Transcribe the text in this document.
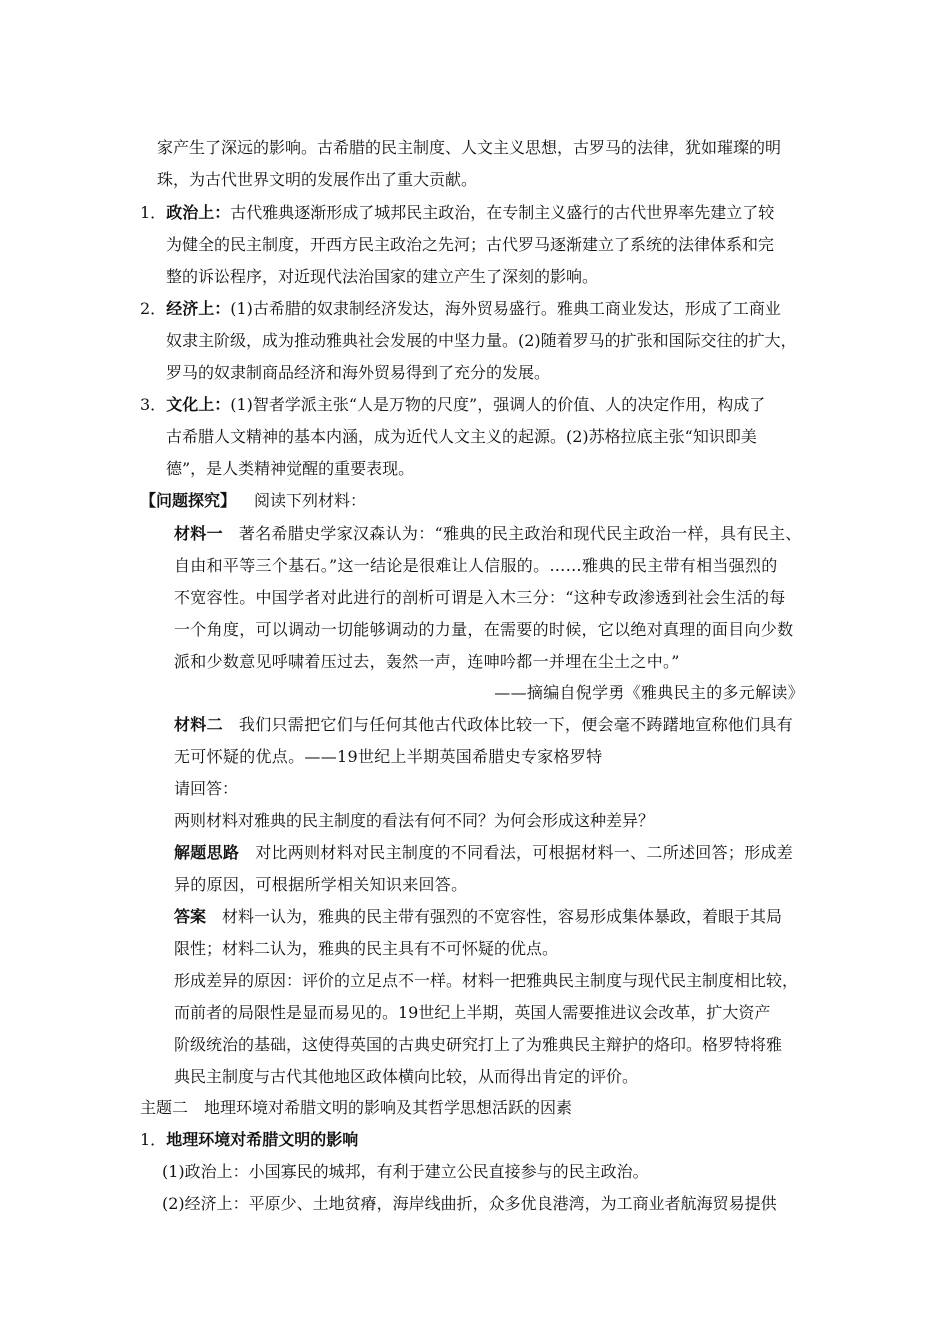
家产生了深远的影响。古希腊的民主制度、人文主义思想，古罗马的法律，犹如璀璨的明
珠，为古代世界文明的发展作出了重大贡献。
1．政治上：古代雅典逐渐形成了城邦民主政治，在专制主义盛行的古代世界率先建立了较
为健全的民主制度，开西方民主政治之先河；古代罗马逐渐建立了系统的法律体系和完
整的诉讼程序，对近现代法治国家的建立产生了深刻的影响。
2．经济上：(1)古希腊的奴隶制经济发达，海外贸易盛行。雅典工商业发达，形成了工商业
奴隶主阶级，成为推动雅典社会发展的中坚力量。(2)随着罗马的扩张和国际交往的扩大，
罗马的奴隶制商品经济和海外贸易得到了充分的发展。
3．文化上：(1)智者学派主张“人是万物的尺度”，强调人的价值、人的决定作用，构成了
古希腊人文精神的基本内涵，成为近代人文主义的起源。(2)苏格拉底主张“知识即美
德”，是人类精神觉醒的重要表现。
【问题探究】 阅读下列材料：
材料一 著名希腊史学家汉森认为：“雅典的民主政治和现代民主政治一样，具有民主、
自由和平等三个基石。”这一结论是很难让人信服的。……雅典的民主带有相当强烈的
不宽容性。中国学者对此进行的剖析可谓是入木三分：“这种专政渗透到社会生活的每
一个角度，可以调动一切能够调动的力量，在需要的时候，它以绝对真理的面目向少数
派和少数意见呼啸着压过去，轰然一声，连呻吟都一并埋在尘土之中。”
——摘编自倪学勇《雅典民主的多元解读》
材料二 我们只需把它们与任何其他古代政体比较一下，便会毫不踌躇地宣称他们具有
无可怀疑的优点。——19世纪上半期英国希腊史专家格罗特
请回答：
两则材料对雅典的民主制度的看法有何不同？为何会形成这种差异？
解题思路 对比两则材料对民主制度的不同看法，可根据材料一、二所述回答；形成差
异的原因，可根据所学相关知识来回答。
答案 材料一认为，雅典的民主带有强烈的不宽容性，容易形成集体暴政，着眼于其局
限性；材料二认为，雅典的民主具有不可怀疑的优点。
形成差异的原因：评价的立足点不一样。材料一把雅典民主制度与现代民主制度相比较，
而前者的局限性是显而易见的。19世纪上半期，英国人需要推进议会改革，扩大资产
阶级统治的基础，这使得英国的古典史研究打上了为雅典民主辩护的烙印。格罗特将雅
典民主制度与古代其他地区政体横向比较，从而得出肯定的评价。
主题二　地理环境对希腊文明的影响及其哲学思想活跃的因素
1．地理环境对希腊文明的影响
(1)政治上：小国寡民的城邦，有利于建立公民直接参与的民主政治。
(2)经济上：平原少、土地贫瘠，海岸线曲折，众多优良港湾，为工商业者航海贸易提供
